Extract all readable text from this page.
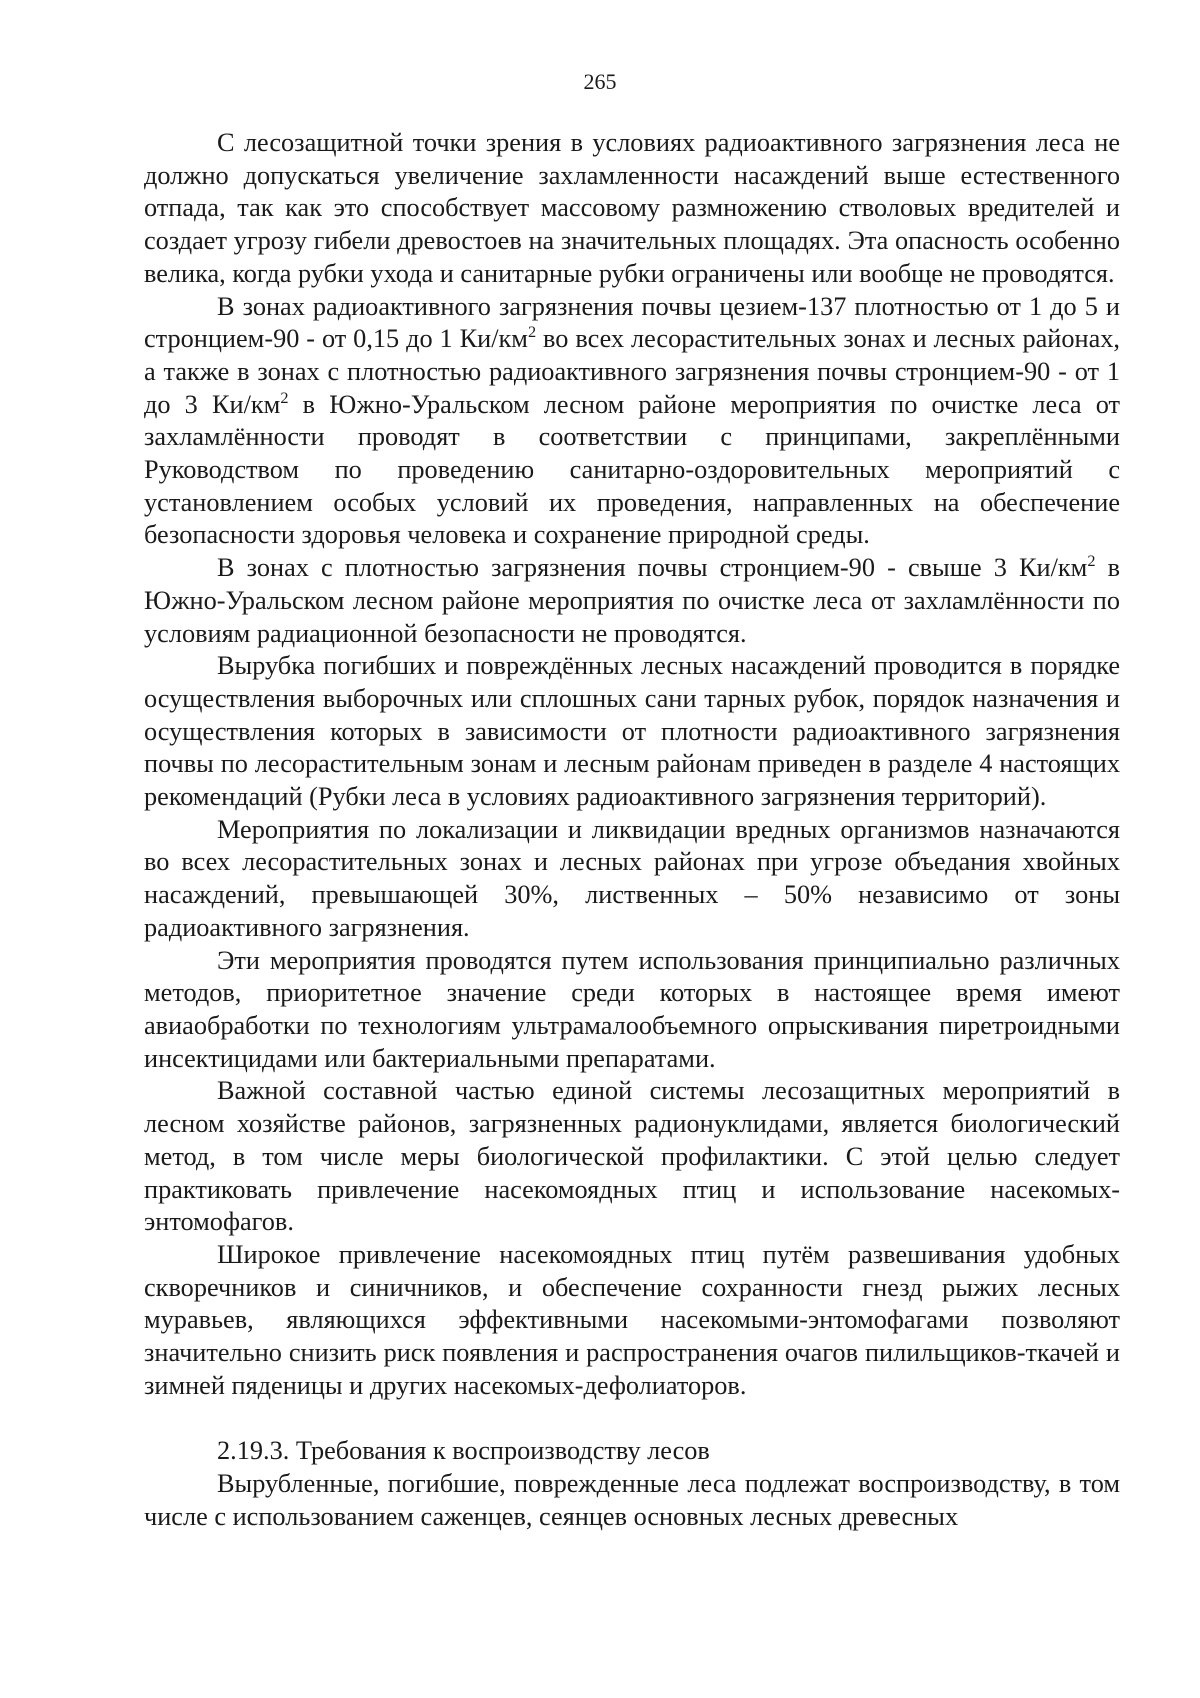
265

С лесозащитной точки зрения в условиях радиоактивного загрязнения леса не должно допускаться увеличение захламленности насаждений выше естественного отпада, так как это способствует массовому размножению стволовых вредителей и создает угрозу гибели древостоев на значительных площадях. Эта опасность особенно велика, когда рубки ухода и санитарные рубки ограничены или вообще не проводятся.

В зонах радиоактивного загрязнения почвы цезием-137 плотностью от 1 до 5 и стронцием-90 - от 0,15 до 1 $Ки/км^2$ во всех лесорастительных зонах и лесных районах, а также в зонах с плотностью радиоактивного загрязнения почвы стронцием-90 - от 1 до 3 $Ки/км^2$ в Южно-Уральском лесном районе мероприятия по очистке леса от захламлённости проводят в соответствии с принципами, закреплёнными Руководством по проведению санитарно-оздоровительных мероприятий с установлением особых условий их проведения, направленных на обеспечение безопасности здоровья человека и сохранение природной среды.

В зонах с плотностью загрязнения почвы стронцием-90 - свыше 3 $Ки/км^2$ в Южно-Уральском лесном районе мероприятия по очистке леса от захламлённости по условиям радиационной безопасности не проводятся.

Вырубка погибших и повреждённых лесных насаждений проводится в порядке осуществления выборочных или сплошных сани тарных рубок, порядок назначения и осуществления которых в зависимости от плотности радиоактивного загрязнения почвы по лесорастительным зонам и лесным районам приведен в разделе 4 настоящих рекомендаций (Рубки леса в условиях радиоактивного загрязнения территорий).

Мероприятия по локализации и ликвидации вредных организмов назначаются во всех лесорастительных зонах и лесных районах при угрозе объедания хвойных насаждений, превышающей 30%, лиственных – 50% независимо от зоны радиоактивного загрязнения.

Эти мероприятия проводятся путем использования принципиально различных методов, приоритетное значение среди которых в настоящее время имеют авиаобработки по технологиям ультрамалообъемного опрыскивания пиретроидными инсектицидами или бактериальными препаратами.

Важной составной частью единой системы лесозащитных мероприятий в лесном хозяйстве районов, загрязненных радионуклидами, является биологический метод, в том числе меры биологической профилактики. С этой целью следует практиковать привлечение насекомоядных птиц и использование насекомых-энтомофагов.

Широкое привлечение насекомоядных птиц путём развешивания удобных скворечников и синичников, и обеспечение сохранности гнезд рыжих лесных муравьев, являющихся эффективными насекомыми-энтомофагами позволяют значительно снизить риск появления и распространения очагов пилильщиков-ткачей и зимней пяденицы и других насекомых-дефолиаторов.

2.19.3. Требования к воспроизводству лесов

Вырубленные, погибшие, поврежденные леса подлежат воспроизводству, в том числе с использованием саженцев, сеянцев основных лесных древесных
